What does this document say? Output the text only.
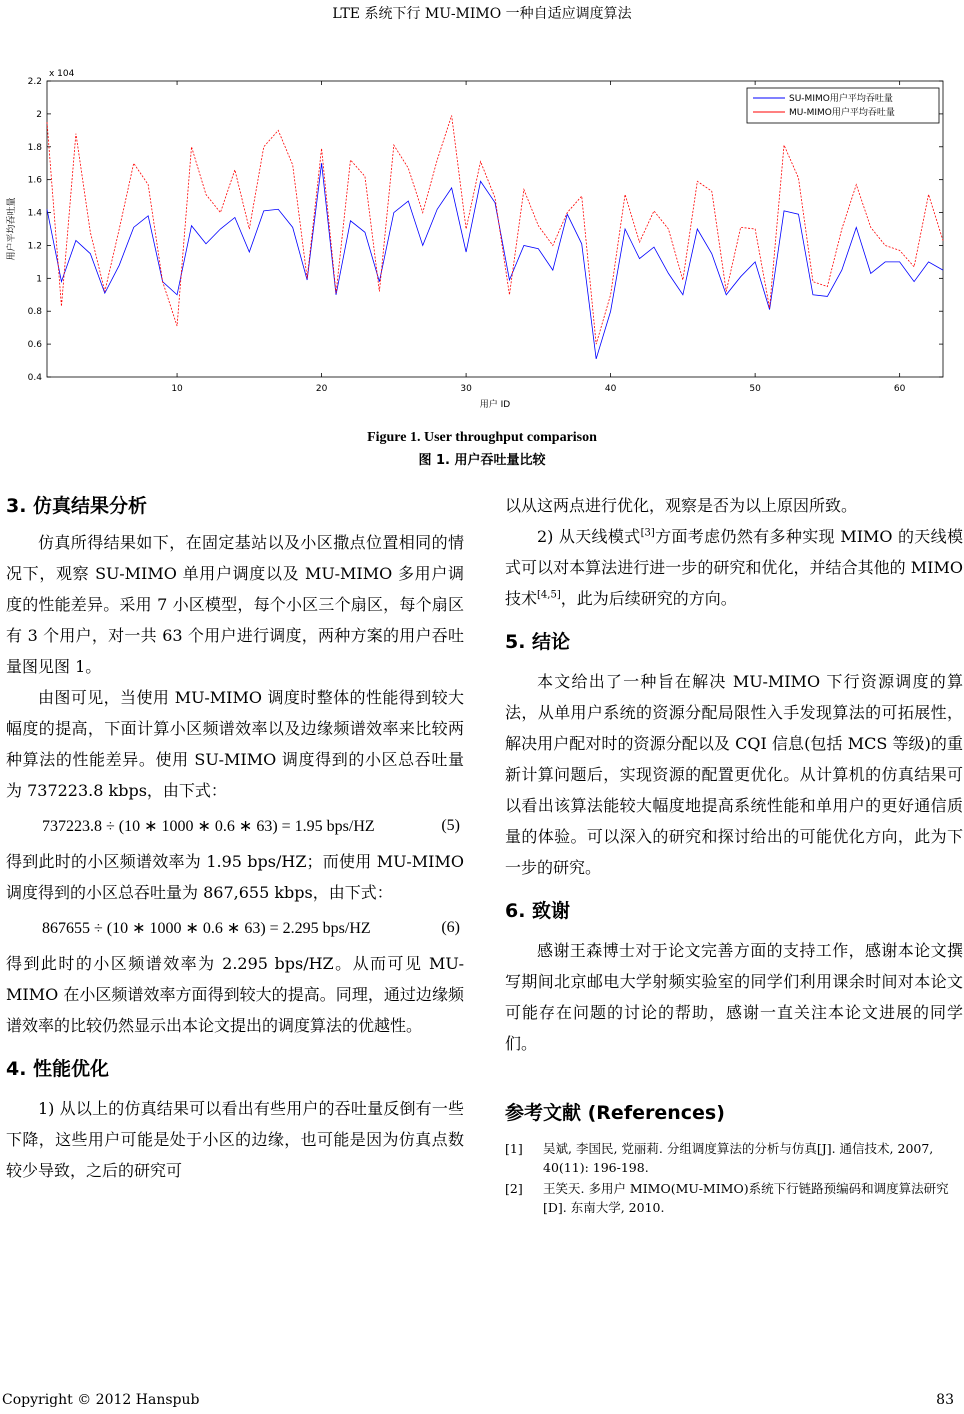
LTE 系统下行 MU-MIMO 一种自适应调度算法
0.4
0.6
0.8
1
1.2
1.4
1.6
1.8
2
2.2
10	20	30	40	50	60
用户 ID
用户平均吞吐量
x 104
SU-MIMO用户平均吞吐量
MU-MIMO用户平均吞吐量
Figure 1. User throughput comparison
图 1. 用户吞吐量比较
3. 仿真结果分析

仿真所得结果如下，在固定基站以及小区撒点位置相同的情况下，观察 SU-MIMO 单用户调度以及 MU-MIMO 多用户调度的性能差异。采用 7 小区模型，每个小区三个扇区，每个扇区有 3 个用户，对一共 63 个用户进行调度，两种方案的用户吞吐量图见图 1。

由图可见，当使用 MU-MIMO 调度时整体的性能得到较大幅度的提高，下面计算小区频谱效率以及边缘频谱效率来比较两种算法的性能差异。使用 SU-MIMO 调度得到的小区总吞吐量为 737223.8 kbps，由下式：

737223.8 ÷ (10 ∗ 1000 ∗ 0.6 ∗ 63) = 1.95 bps/HZ	(5)

得到此时的小区频谱效率为 1.95 bps/HZ；而使用 MU-MIMO 调度得到的小区总吞吐量为 867,655 kbps，由下式：

867655 ÷ (10 ∗ 1000 ∗ 0.6 ∗ 63) = 2.295 bps/HZ	(6)

得到此时的小区频谱效率为 2.295 bps/HZ。从而可见 MU-MIMO 在小区频谱效率方面得到较大的提高。同理，通过边缘频谱效率的比较仍然显示出本论文提出的调度算法的优越性。

4. 性能优化

1) 从以上的仿真结果可以看出有些用户的吞吐量反倒有一些下降，这些用户可能是处于小区的边缘，也可能是因为仿真点数较少导致，之后的研究可

以从这两点进行优化，观察是否为以上原因所致。

2) 从天线模式[3]方面考虑仍然有多种实现 MIMO 的天线模式可以对本算法进行进一步的研究和优化，并结合其他的 MIMO 技术[4,5]，此为后续研究的方向。

5. 结论

本文给出了一种旨在解决 MU-MIMO 下行资源调度的算法，从单用户系统的资源分配局限性入手发现算法的可拓展性，解决用户配对时的资源分配以及 CQI 信息(包括 MCS 等级)的重新计算问题后，实现资源的配置更优化。从计算机的仿真结果可以看出该算法能较大幅度地提高系统性能和单用户的更好通信质量的体验。可以深入的研究和探讨给出的可能优化方向，此为下一步的研究。

6. 致谢

感谢王森博士对于论文完善方面的支持工作，感谢本论文撰写期间北京邮电大学射频实验室的同学们利用课余时间对本论文可能存在问题的讨论的帮助，感谢一直关注本论文进展的同学们。

参考文献 (References)
[1]	吴斌, 李国民, 党丽莉. 分组调度算法的分析与仿真[J]. 通信技术, 2007, 40(11): 196-198.
[2]	王笑天. 多用户 MIMO(MU-MIMO)系统下行链路预编码和调度算法研究[D]. 东南大学, 2010.
Copyright © 2012 Hanspub	83
